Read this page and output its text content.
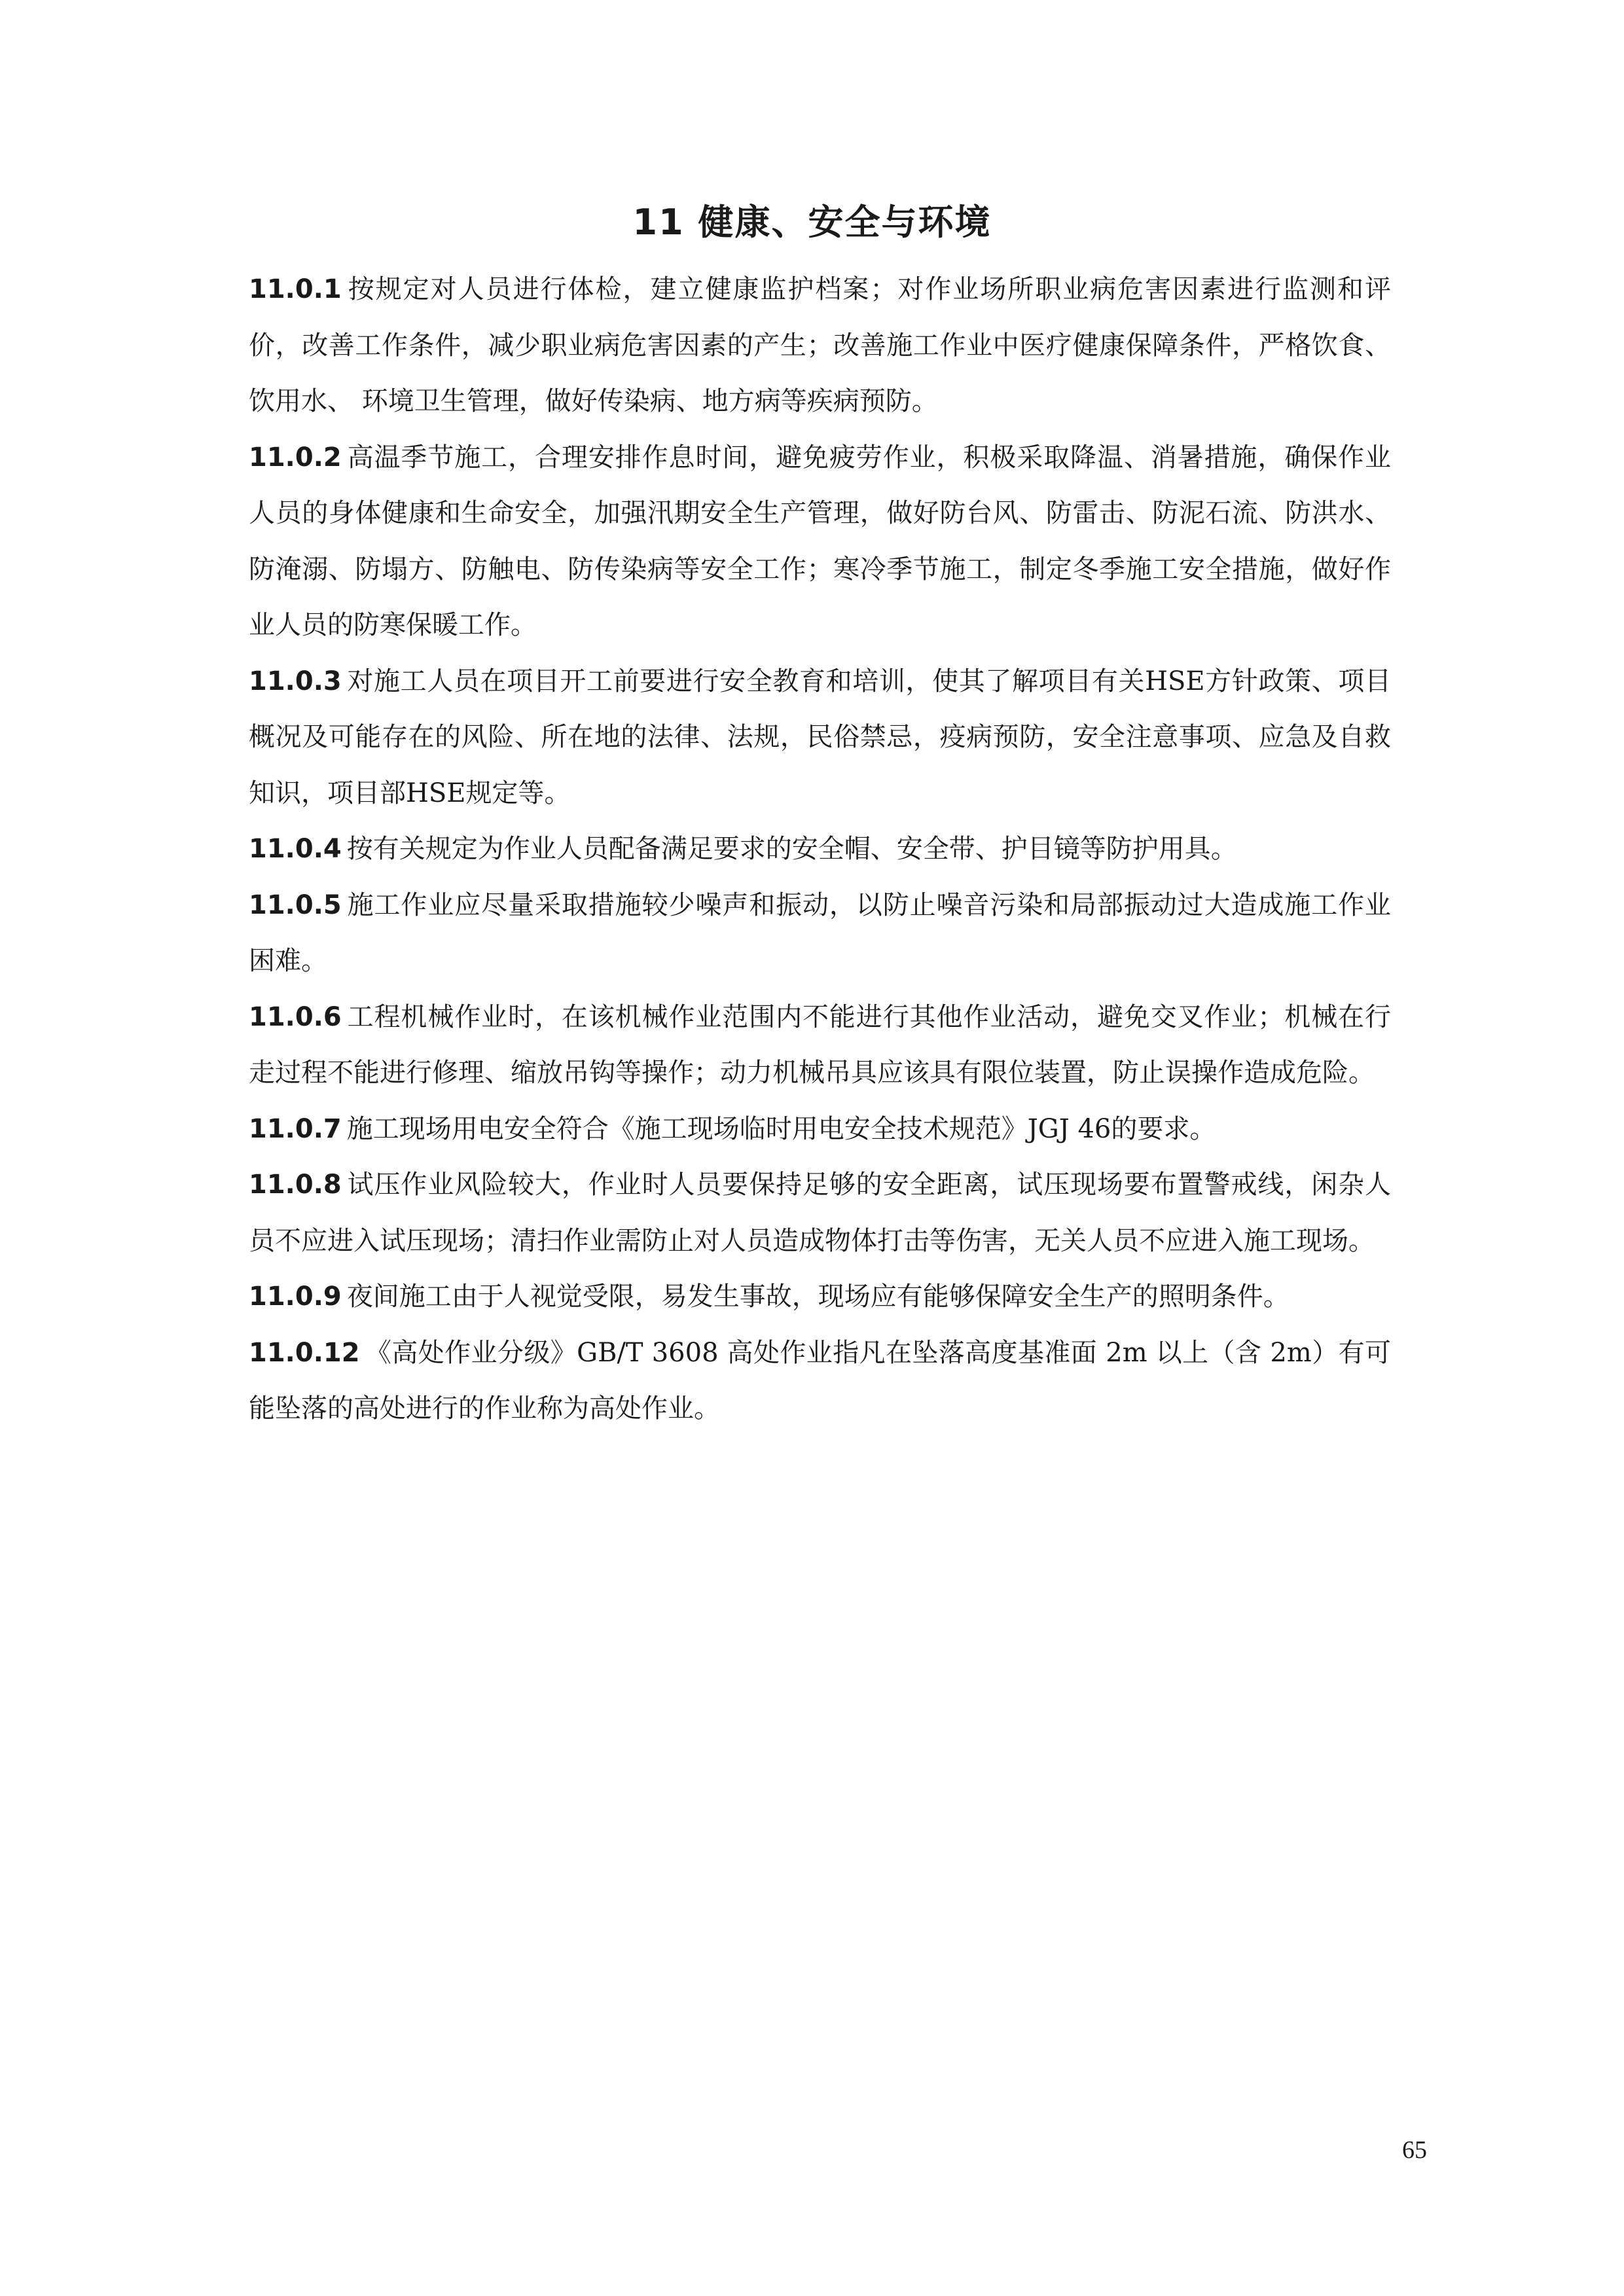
11 健康、安全与环境

11.0.1 按规定对人员进行体检，建立健康监护档案；对作业场所职业病危害因素进行监测和评价，改善工作条件，减少职业病危害因素的产生；改善施工作业中医疗健康保障条件，严格饮食、饮用水、 环境卫生管理，做好传染病、地方病等疾病预防。

11.0.2 高温季节施工，合理安排作息时间，避免疲劳作业，积极采取降温、消暑措施，确保作业人员的身体健康和生命安全，加强汛期安全生产管理，做好防台风、防雷击、防泥石流、防洪水、防淹溺、防塌方、防触电、防传染病等安全工作；寒冷季节施工，制定冬季施工安全措施，做好作业人员的防寒保暖工作。

11.0.3 对施工人员在项目开工前要进行安全教育和培训，使其了解项目有关HSE方针政策、项目概况及可能存在的风险、所在地的法律、法规，民俗禁忌，疫病预防，安全注意事项、应急及自救知识，项目部HSE规定等。

11.0.4 按有关规定为作业人员配备满足要求的安全帽、安全带、护目镜等防护用具。

11.0.5 施工作业应尽量采取措施较少噪声和振动，以防止噪音污染和局部振动过大造成施工作业困难。

11.0.6 工程机械作业时，在该机械作业范围内不能进行其他作业活动，避免交叉作业；机械在行走过程不能进行修理、缩放吊钩等操作；动力机械吊具应该具有限位装置，防止误操作造成危险。

11.0.7 施工现场用电安全符合《施工现场临时用电安全技术规范》JGJ 46的要求。

11.0.8 试压作业风险较大，作业时人员要保持足够的安全距离，试压现场要布置警戒线，闲杂人员不应进入试压现场；清扫作业需防止对人员造成物体打击等伤害，无关人员不应进入施工现场。

11.0.9 夜间施工由于人视觉受限，易发生事故，现场应有能够保障安全生产的照明条件。

11.0.12 《高处作业分级》GB/T 3608 高处作业指凡在坠落高度基准面 2m 以上（含 2m）有可能坠落的高处进行的作业称为高处作业。

65
